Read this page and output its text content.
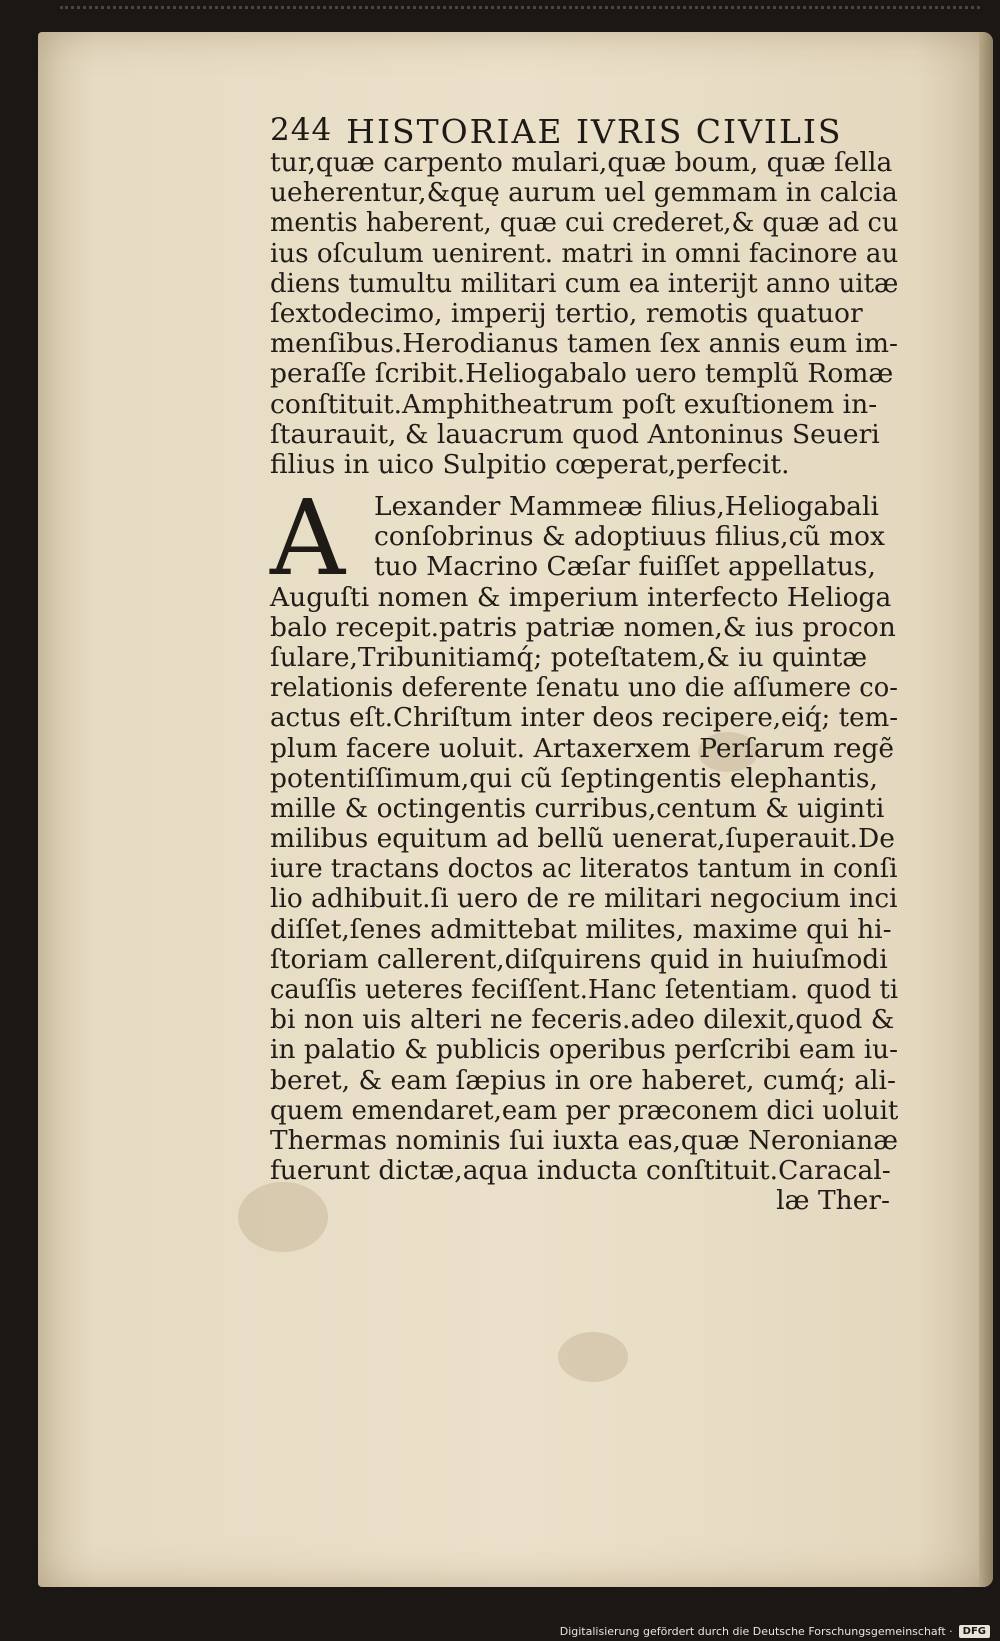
244 HISTORIAE IVRIS CIVILIS
tur,quæ carpento mulari,quæ boum, quæ ſella
ueherentur,&quę aurum uel gemmam in calcia
mentis haberent, quæ cui crederet,& quæ ad cu
ius oſculum uenirent. matri in omni facinore au
diens tumultu militari cum ea interijt anno uitæ
ſextodecimo, imperij tertio, remotis quatuor
menſibus.Herodianus tamen ſex annis eum im-
peraſſe ſcribit.Heliogabalo uero templũ Romæ
conſtituit.Amphitheatrum poſt exuſtionem in-
ſtaurauit, & lauacrum quod Antoninus Seueri
filius in uico Sulpitio cœperat,perfecit.
A	Lexander Mammeæ filius,Heliogabali
conſobrinus & adoptiuus filius,cũ mox
tuo Macrino Cæſar fuiſſet appellatus,
Auguſti nomen & imperium interfecto Helioga
balo recepit.patris patriæ nomen,& ius procon
ſulare,Tribunitiamq́; poteſtatem,& iu quintæ
relationis deferente ſenatu uno die aſſumere co-
actus eſt.Chriſtum inter deos recipere,eiq́; tem-
plum facere uoluit. Artaxerxem Perſarum regẽ
potentiſſimum,qui cũ ſeptingentis elephantis,
mille & octingentis curribus,centum & uiginti
milibus equitum ad bellũ uenerat,ſuperauit.De
iure tractans doctos ac literatos tantum in conſi
lio adhibuit.ſi uero de re militari negocium inci
diſſet,ſenes admittebat milites, maxime qui hi-
ſtoriam callerent,diſquirens quid in huiuſmodi
cauſſis ueteres feciſſent.Hanc ſetentiam. quod ti
bi non uis alteri ne feceris.adeo dilexit,quod &
in palatio & publicis operibus perſcribi eam iu-
beret, & eam ſæpius in ore haberet, cumq́; ali-
quem emendaret,eam per præconem dici uoluit
Thermas nominis ſui iuxta eas,quæ Neronianæ
fuerunt dictæ,aqua inducta conſtituit.Caracal-
læ Ther-
Digitalisierung gefördert durch die Deutsche Forschungsgemeinschaft ·	DFG
